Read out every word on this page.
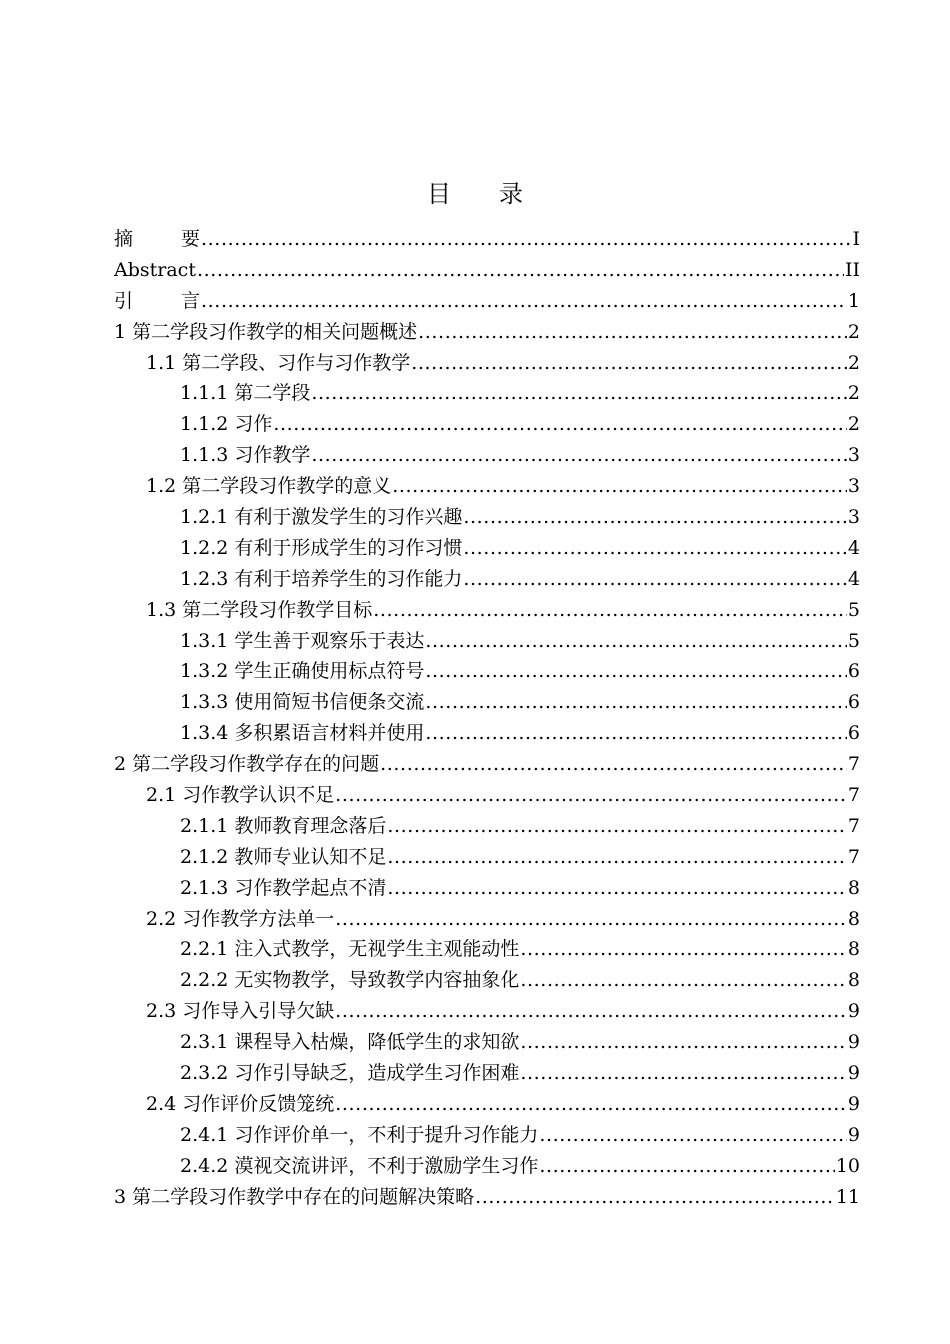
目 录
摘	要 .....	I
Abstract .....	II
引	言 .....	1
1 第二学段习作教学的相关问题概述 .....	2
1.1 第二学段、习作与习作教学 .....	2
1.1.1 第二学段 .....	2
1.1.2 习作 .....	2
1.1.3 习作教学 .....	3
1.2 第二学段习作教学的意义 .....	3
1.2.1 有利于激发学生的习作兴趣 .....	3
1.2.2 有利于形成学生的习作习惯 .....	4
1.2.3 有利于培养学生的习作能力 .....	4
1.3 第二学段习作教学目标 .....	5
1.3.1 学生善于观察乐于表达 .....	5
1.3.2 学生正确使用标点符号 .....	6
1.3.3 使用简短书信便条交流 .....	6
1.3.4 多积累语言材料并使用 .....	6
2 第二学段习作教学存在的问题 .....	7
2.1 习作教学认识不足 .....	7
2.1.1 教师教育理念落后 .....	7
2.1.2 教师专业认知不足 .....	7
2.1.3 习作教学起点不清 .....	8
2.2 习作教学方法单一 .....	8
2.2.1 注入式教学，无视学生主观能动性 .....	8
2.2.2 无实物教学，导致教学内容抽象化 .....	8
2.3 习作导入引导欠缺 .....	9
2.3.1 课程导入枯燥，降低学生的求知欲 .....	9
2.3.2 习作引导缺乏，造成学生习作困难 .....	9
2.4 习作评价反馈笼统 .....	9
2.4.1 习作评价单一，不利于提升习作能力 .....	9
2.4.2 漠视交流讲评，不利于激励学生习作 .....	10
3 第二学段习作教学中存在的问题解决策略 .....	11
